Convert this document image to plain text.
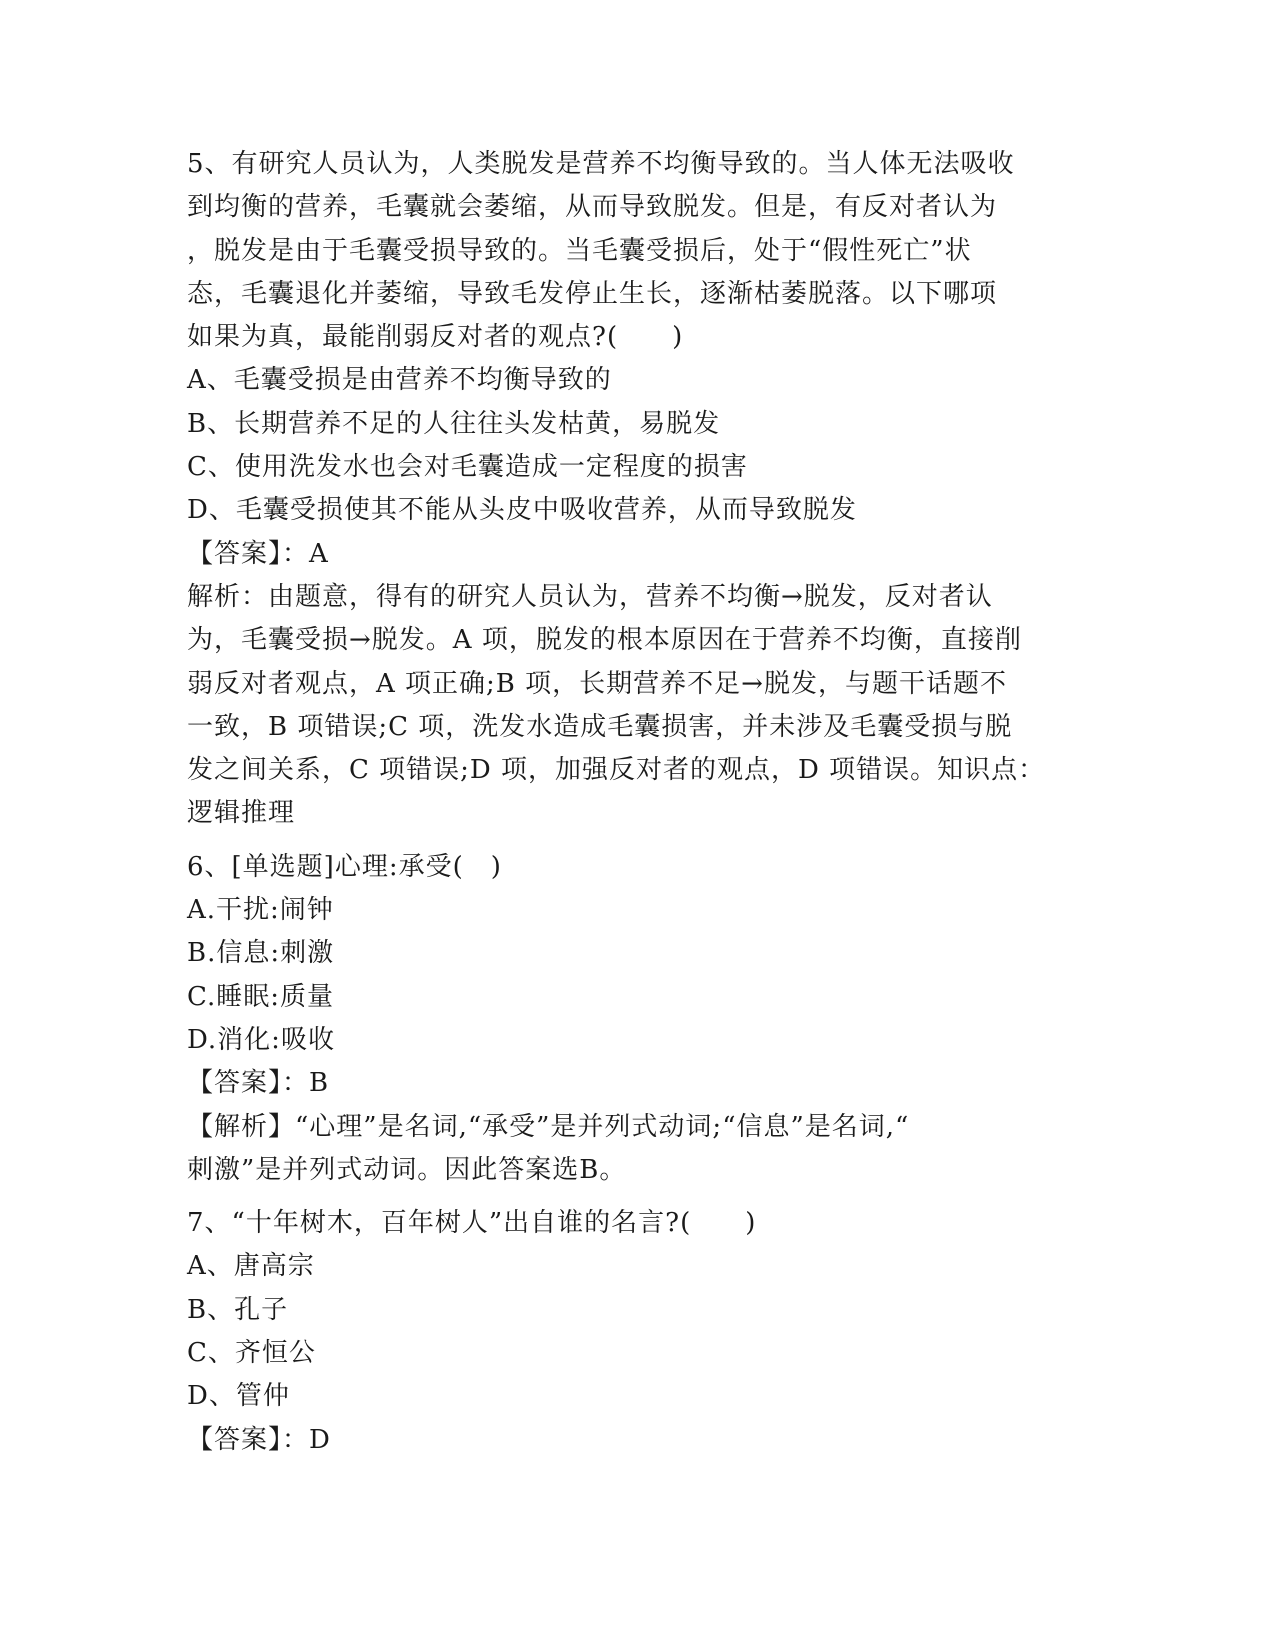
5、有研究人员认为，人类脱发是营养不均衡导致的。当人体无法吸收
到均衡的营养，毛囊就会萎缩，从而导致脱发。但是，有反对者认为
，脱发是由于毛囊受损导致的。当毛囊受损后，处于“假性死亡”状
态，毛囊退化并萎缩，导致毛发停止生长，逐渐枯萎脱落。以下哪项
如果为真，最能削弱反对者的观点?(　　)
A、毛囊受损是由营养不均衡导致的
B、长期营养不足的人往往头发枯黄，易脱发
C、使用洗发水也会对毛囊造成一定程度的损害
D、毛囊受损使其不能从头皮中吸收营养，从而导致脱发
【答案】：A
解析：由题意，得有的研究人员认为，营养不均衡→脱发，反对者认
为，毛囊受损→脱发。A 项，脱发的根本原因在于营养不均衡，直接削
弱反对者观点，A 项正确;B 项，长期营养不足→脱发，与题干话题不
一致，B 项错误;C 项，洗发水造成毛囊损害，并未涉及毛囊受损与脱
发之间关系，C 项错误;D 项，加强反对者的观点，D 项错误。知识点：
逻辑推理
6、[单选题]心理:承受(　)
A.干扰:闹钟
B.信息:刺激
C.睡眠:质量
D.消化:吸收
【答案】：B
【解析】“心理”是名词,“承受”是并列式动词;“信息”是名词,“
刺激”是并列式动词。因此答案选B。
7、“十年树木，百年树人”出自谁的名言?(　　)
A、唐高宗
B、孔子
C、齐恒公
D、管仲
【答案】：D
